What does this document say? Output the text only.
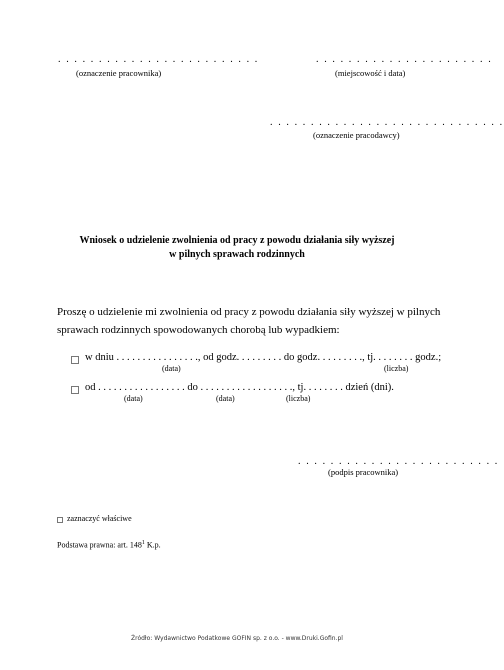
. . . . . . . . . . . . . . . . . . . . . . . . .
(oznaczenie pracownika)
. . . . . . . . . . . . . . . . . . . . . .
(miejscowość i data)
. . . . . . . . . . . . . . . . . . . . . . . . . . . . .
(oznaczenie pracodawcy)
Wniosek o udzielenie zwolnienia od pracy z powodu działania siły wyższej
w pilnych sprawach rodzinnych
Proszę o udzielenie mi zwolnienia od pracy z powodu działania siły wyższej w pilnych
sprawach rodzinnych spowodowanych chorobą lub wypadkiem:
w dniu . . . . . . . . . . . . . . . ., od godz. . . . . . . . . do godz. . . . . . . . ., tj. . . . . . . . godz.;
(data)	(liczba)
od . . . . . . . . . . . . . . . . . do . . . . . . . . . . . . . . . . . ., tj. . . . . . . . dzień (dni).
(data)	(data)	(liczba)
. . . . . . . . . . . . . . . . . . . . . . . . .
(podpis pracownika)
zaznaczyć właściwe
Podstawa prawna: art. $148^1$ K.p.
Źródło: Wydawnictwo Podatkowe GOFIN sp. z o.o. - www.Druki.Gofin.pl
